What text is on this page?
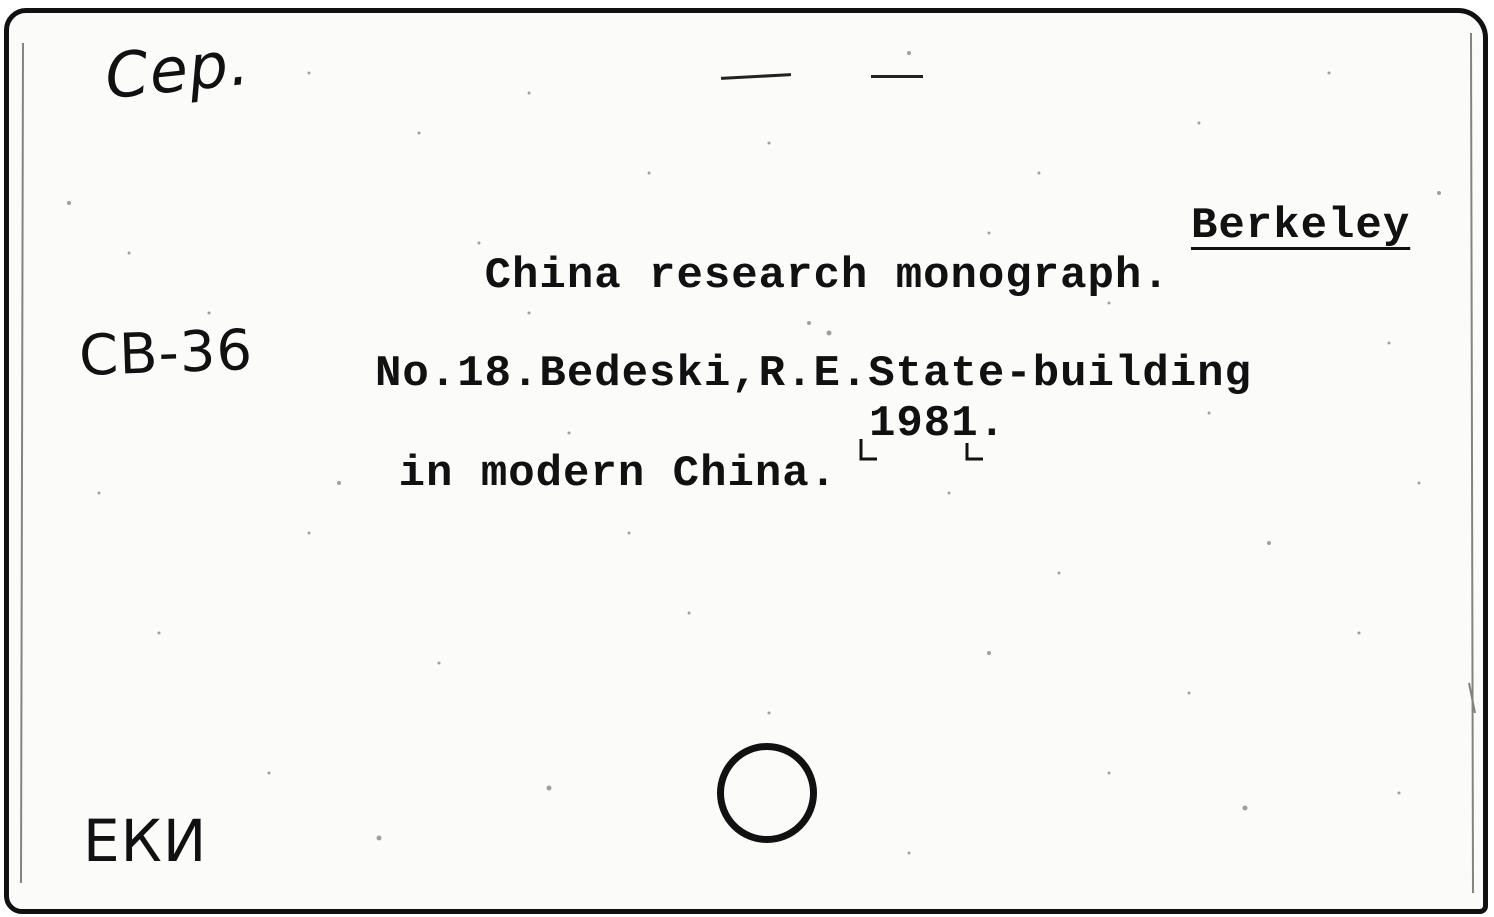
Сер.

China research monograph.

Berkeley
СВ-36	No.18.Bedeski,R.E.State-building

in modern China.

1981.
ЕКИ
